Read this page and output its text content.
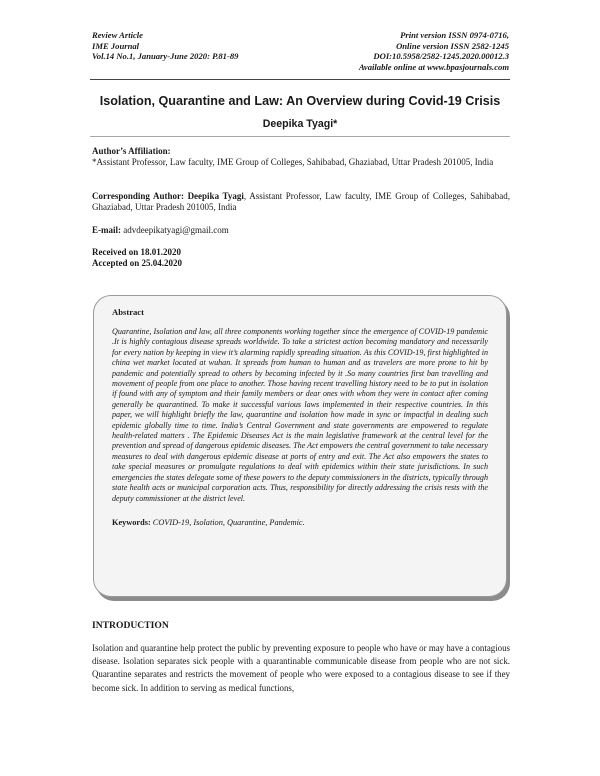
Review Article
IME Journal
Vol.14 No.1, January-June 2020: P.81-89
Print version ISSN 0974-0716,
Online version ISSN 2582-1245
DOI:10.5958/2582-1245.2020.00012.3
Available online at www.bpasjournals.com
Isolation, Quarantine and Law: An Overview during Covid-19 Crisis
Deepika Tyagi*
Author’s Affiliation:
*Assistant Professor, Law faculty, IME Group of Colleges, Sahibabad, Ghaziabad, Uttar Pradesh 201005, India
Corresponding Author: Deepika Tyagi, Assistant Professor, Law faculty, IME Group of Colleges, Sahibabad, Ghaziabad, Uttar Pradesh 201005, India
E-mail: advdeepikatyagi@gmail.com
Received on 18.01.2020
Accepted on 25.04.2020
Abstract

Quarantine, Isolation and law, all three components working together since the emergence of COVID-19 pandemic .It is highly contagious disease spreads worldwide. To take a strictest action becoming mandatory and necessarily for every nation by keeping in view it’s alarming rapidly spreading situation. As this COVID-19, first highlighted in china wet market located at wuhan. It spreads from human to human and as travelers are more prone to hit by pandemic and potentially spread to others by becoming infected by it .So many countries first ban travelling and movement of people from one place to another. Those having recent travelling history need to be to put in isolation if found with any of symptom and their family members or dear ones with whom they were in contact after coming generally be quarantined. To make it successful various laws implemented in their respective countries. In this paper, we will highlight briefly the law, quarantine and isolation how made in sync or impactful in dealing such epidemic globally time to time. India’s Central Government and state governments are empowered to regulate health-related matters . The Epidemic Diseases Act is the main legislative framework at the central level for the prevention and spread of dangerous epidemic diseases. The Act empowers the central government to take necessary measures to deal with dangerous epidemic disease at ports of entry and exit. The Act also empowers the states to take special measures or promulgate regulations to deal with epidemics within their state jurisdictions. In such emergencies the states delegate some of these powers to the deputy commissioners in the districts, typically through state health acts or municipal corporation acts. Thus, responsibility for directly addressing the crisis rests with the deputy commissioner at the district level.

Keywords: COVID-19, Isolation, Quarantine, Pandemic.
INTRODUCTION

Isolation and quarantine help protect the public by preventing exposure to people who have or may have a contagious disease. Isolation separates sick people with a quarantinable communicable disease from people who are not sick. Quarantine separates and restricts the movement of people who were exposed to a contagious disease to see if they become sick. In addition to serving as medical functions,
